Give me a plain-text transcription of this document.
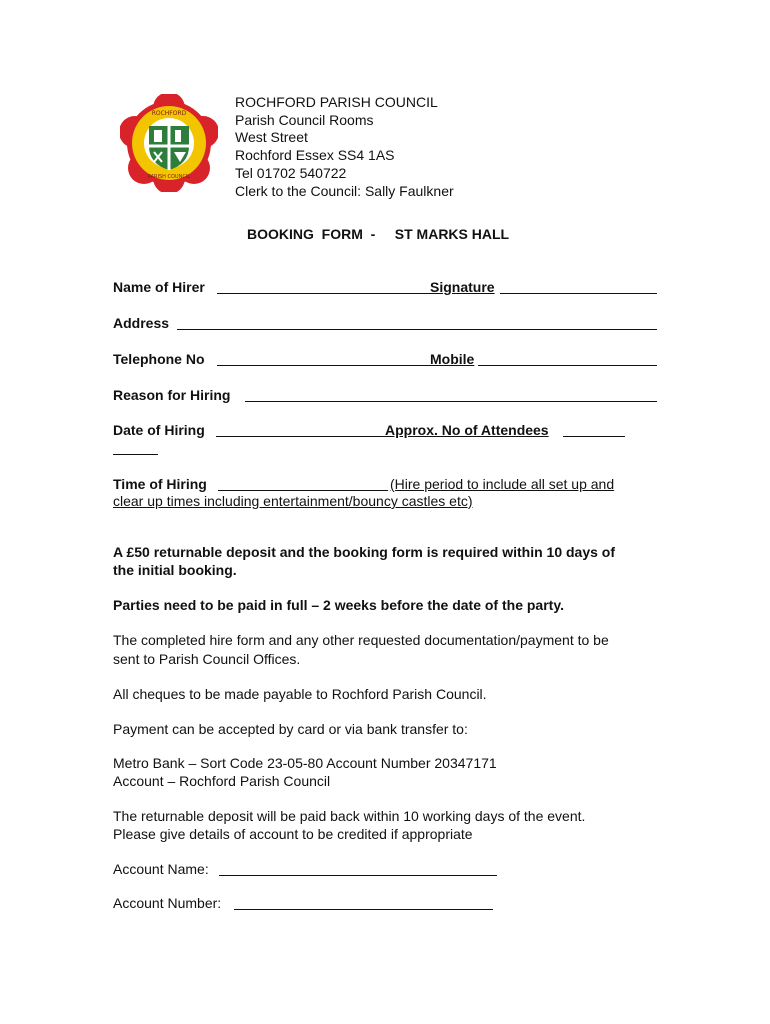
ROCHFORD
PARISH COUNCIL
ROCHFORD PARISH COUNCIL
Parish Council Rooms
West Street
Rochford Essex SS4 1AS
Tel 01702 540722
Clerk to the Council: Sally Faulkner
BOOKING  FORM  -     ST MARKS HALL
Name of Hirer	Signature
Address
Telephone No	Mobile
Reason for Hiring
Date of Hiring	Approx. No of Attendees
Time of Hiring	(Hire period to include all set up and
clear up times including entertainment/bouncy castles etc)
A £50 returnable deposit and the booking form is required within 10 days of
the initial booking.
Parties need to be paid in full – 2 weeks before the date of the party.
The completed hire form and any other requested documentation/payment to be
sent to Parish Council Offices.
All cheques to be made payable to Rochford Parish Council.
Payment can be accepted by card or via bank transfer to:
Metro Bank – Sort Code 23-05-80 Account Number 20347171
Account – Rochford Parish Council
The returnable deposit will be paid back within 10 working days of the event.
Please give details of account to be credited if appropriate
Account Name:
Account Number:
